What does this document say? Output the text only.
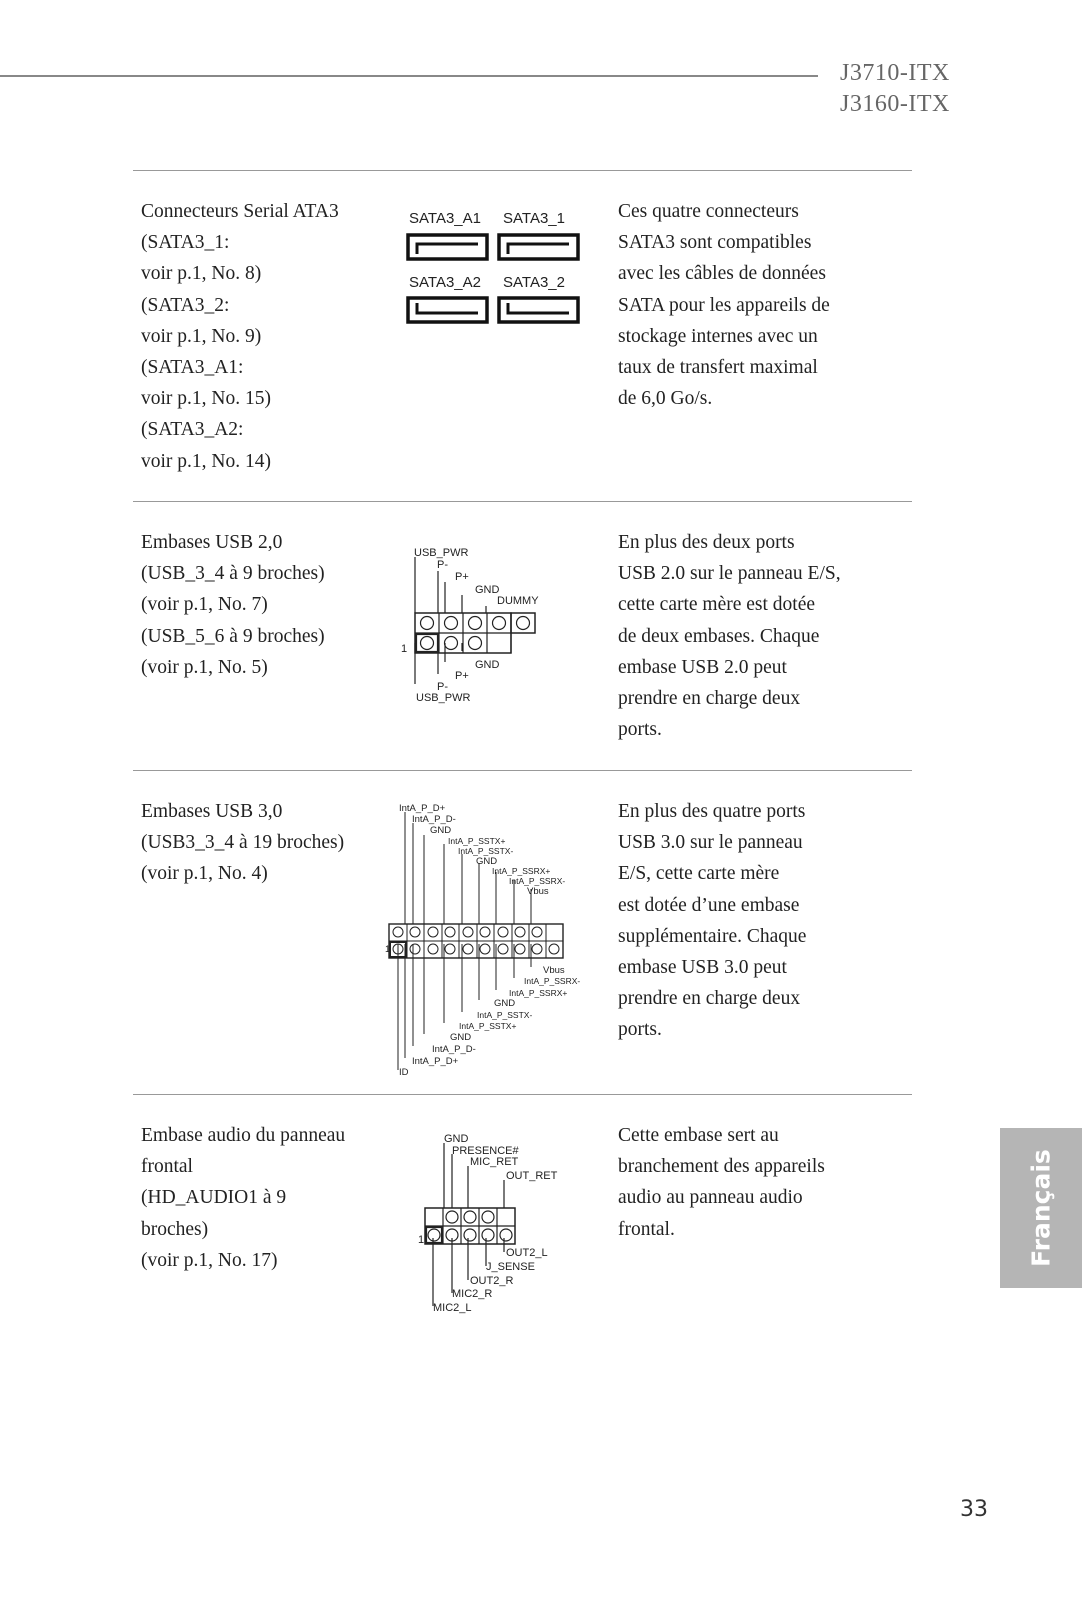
J3710-ITX
J3160-ITX
Connecteurs Serial ATA3
(SATA3_1:
voir p.1, No. 8)
(SATA3_2:
voir p.1, No. 9)
(SATA3_A1:
voir p.1, No. 15)
(SATA3_A2:
voir p.1, No. 14)
SATA3_A1 SATA3_1
SATA3_A2 SATA3_2
Ces quatre connecteurs
SATA3 sont compatibles
avec les câbles de données
SATA pour les appareils de
stockage internes avec un
taux de transfert maximal
de 6,0 Go/s.
Embases USB 2,0
(USB_3_4 à 9 broches)
(voir p.1, No. 7)
(USB_5_6 à 9 broches)
(voir p.1, No. 5)
USB_PWR
P-
P+
GND
DUMMY
1
GND
P+
P-
USB_PWR
En plus des deux ports
USB 2.0 sur le panneau E/S,
cette carte mère est dotée
de deux embases. Chaque
embase USB 2.0 peut
prendre en charge deux
ports.
Embases USB 3,0
(USB3_3_4 à 19 broches)
(voir p.1, No. 4)
IntA_P_D+
IntA_P_D-
GND
IntA_P_SSTX+
IntA_P_SSTX-
GND
IntA_P_SSRX+
IntA_P_SSRX-
Vbus
1
Vbus
IntA_P_SSRX-
IntA_P_SSRX+
GND
IntA_P_SSTX-
IntA_P_SSTX+
GND
IntA_P_D-
IntA_P_D+
ID
En plus des quatre ports
USB 3.0 sur le panneau
E/S, cette carte mère
est dotée d’une embase
supplémentaire. Chaque
embase USB 3.0 peut
prendre en charge deux
ports.
Embase audio du panneau
frontal
(HD_AUDIO1 à 9
broches)
(voir p.1, No. 17)
GND
PRESENCE#
MIC_RET
OUT_RET
1
OUT2_L
J_SENSE
OUT2_R
MIC2_R
MIC2_L
Cette embase sert au
branchement des appareils
audio au panneau audio
frontal.	Français
33
